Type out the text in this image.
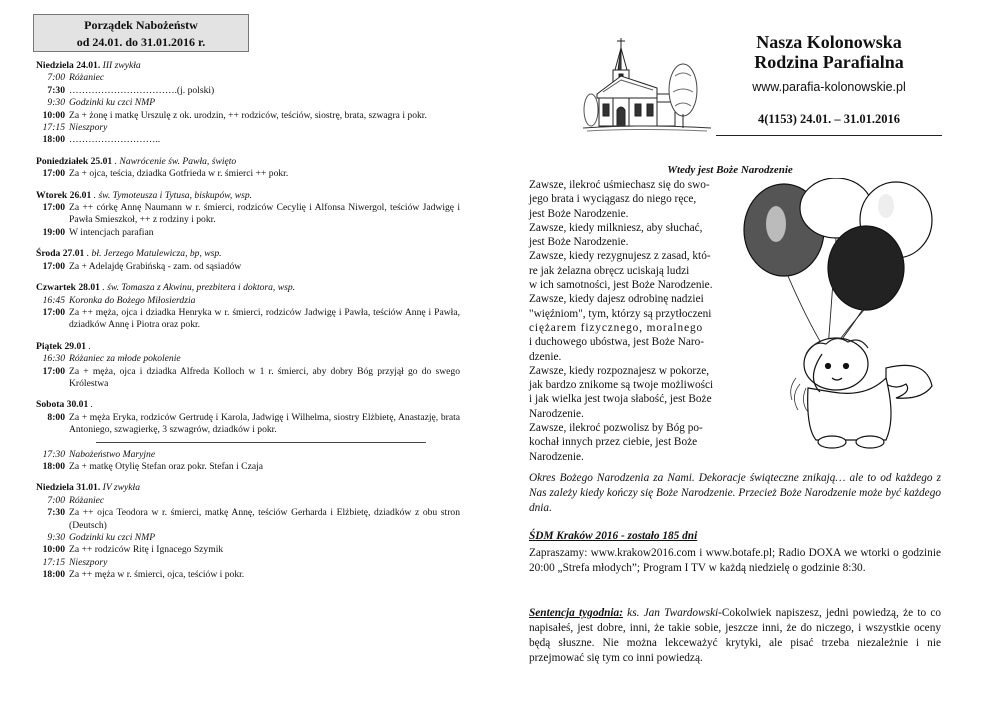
Porządek Nabożeństw
od 24.01. do 31.01.2016 r.
Niedziela 24.01. III zwykła
7:00 Różaniec
7:30 …………………………….(j. polski)
9:30 Godzinki ku czci NMP
10:00 Za + żonę i matkę Urszulę z ok. urodzin, ++ rodziców, teściów, siostrę, brata, szwagra i pokr.
17:15 Nieszpory
18:00 ………………………..
Poniedziałek 25.01 . Nawrócenie św. Pawła, święto
17:00 Za + ojca, teścia, dziadka Gotfrieda w r. śmierci ++ pokr.
Wtorek 26.01 . św. Tymoteusza i Tytusa, biskupów, wsp.
17:00 Za ++ córkę Annę Naumann w r. śmierci, rodziców Cecylię i Alfonsa Niwergol, teściów Jadwigę i Pawła Smieszkoł, ++ z rodziny i pokr.
19:00 W intencjach parafian
Środa 27.01 . bł. Jerzego Matulewicza, bp, wsp.
17:00 Za + Adelajdę Grabińską - zam. od sąsiadów
Czwartek 28.01 . św. Tomasza z Akwinu, prezbitera i doktora, wsp.
16:45 Koronka do Bożego Miłosierdzia
17:00 Za ++ męża, ojca i dziadka Henryka w r. śmierci, rodziców Jadwigę i Pawła, teściów Annę i Pawła, dziadków Annę i Piotra oraz pokr.
Piątek 29.01 .
16:30 Różaniec za młode pokolenie
17:00 Za + męża, ojca i dziadka Alfreda Kolloch w 1 r. śmierci, aby dobry Bóg przyjął go do swego Królestwa
Sobota 30.01 .
8:00 Za + męża Eryka, rodziców Gertrudę i Karola, Jadwigę i Wilhelma, siostry Elżbietę, Anastazję, brata Antoniego, szwagierkę, 3 szwagrów, dziadków i pokr.
17:30 Nabożeństwo Maryjne
18:00 Za + matkę Otylię Stefan oraz pokr. Stefan i Czaja
Niedziela 31.01. IV zwykła
7:00 Różaniec
7:30 Za ++ ojca Teodora w r. śmierci, matkę Annę, teściów Gerharda i Elżbietę, dziadków z obu stron (Deutsch)
9:30 Godzinki ku czci NMP
10:00 Za ++ rodziców Ritę i Ignacego Szymik
17:15 Nieszpory
18:00 Za ++ męża w r. śmierci, ojca, teściów i pokr.
Nasza Kolonowska
Rodzina Parafialna
www.parafia-kolonowskie.pl
4(1153) 24.01. – 31.01.2016
Wtedy jest Boże Narodzenie
Zawsze, ilekroć uśmiechasz się do swo-
jego brata i wyciągasz do niego ręce,
jest Boże Narodzenie.
Zawsze, kiedy milkniesz, aby słuchać,
jest Boże Narodzenie.
Zawsze, kiedy rezygnujesz z zasad, któ-
re jak żelazna obręcz uciskają ludzi
w ich samotności, jest Boże Narodzenie.
Zawsze, kiedy dajesz odrobinę nadziei
"więźniom", tym, którzy są przytłoczeni
ciężarem fizycznego, moralnego
i duchowego ubóstwa, jest Boże Naro-
dzenie.
Zawsze, kiedy rozpoznajesz w pokorze,
jak bardzo znikome są twoje możliwości
i jak wielka jest twoja słabość, jest Boże
Narodzenie.
Zawsze, ilekroć pozwolisz by Bóg po-
kochał innych przez ciebie, jest Boże
Narodzenie.
Okres Bożego Narodzenia za Nami. Dekoracje świąteczne znikają… ale to od każdego z Nas zależy kiedy kończy się Boże Narodzenie. Przecież Boże Narodzenie może być każdego dnia.
ŚDM Kraków 2016 - zostało 185 dni
Zapraszamy: www.krakow2016.com i www.botafe.pl; Radio DOXA we wtorki o godzinie 20:00 „Strefa młodych”; Program I TV w każdą niedzielę o godzinie 8:30.
Sentencja tygodnia: ks. Jan Twardowski-Cokolwiek napiszesz, jedni powiedzą, że to co napisałeś, jest dobre, inni, że takie sobie, jeszcze inni, że do niczego, i wszystkie oceny będą słuszne. Nie można lekceważyć krytyki, ale pisać trzeba niezależnie i nie przejmować się tym co inni powiedzą.
